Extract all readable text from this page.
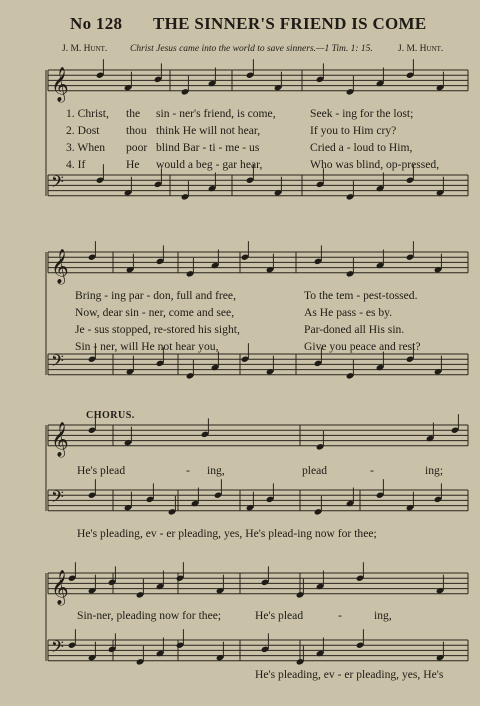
No 128 THE SINNER'S FRIEND IS COME
J. M. Hunt. Christ Jesus came into the world to save sinners.—1 Tim. 1: 15.	J. M. Hunt.
𝄞
𝄢
𝄞
𝄢
𝄞
𝄢
𝄞
𝄢
1. Christ, the sin - ner's friend, is come,	Seek - ing for the lost;
2. Dost thou think He will not hear,	If you to Him cry?
3. When poor blind Bar - ti - me - us	Cried a - loud to Him,
4. If	He would a beg - gar hear,	Who was blind, op-pressed,
Bring - ing par - don, full and free,	To the tem - pest-tossed.
Now, dear sin - ner, come and see,	As He pass - es by.
Je - sus stopped, re-stored his sight,	Par-doned all His sin.
Sin - ner, will He not hear you,	Give you peace and rest?
CHORUS.
He's plead	- ing,	plead	-	ing;
He's pleading, ev - er pleading, yes, He's plead-ing now for thee;
Sin-ner, pleading now for thee;	He's plead	-	ing,
He's pleading, ev - er pleading, yes, He's
